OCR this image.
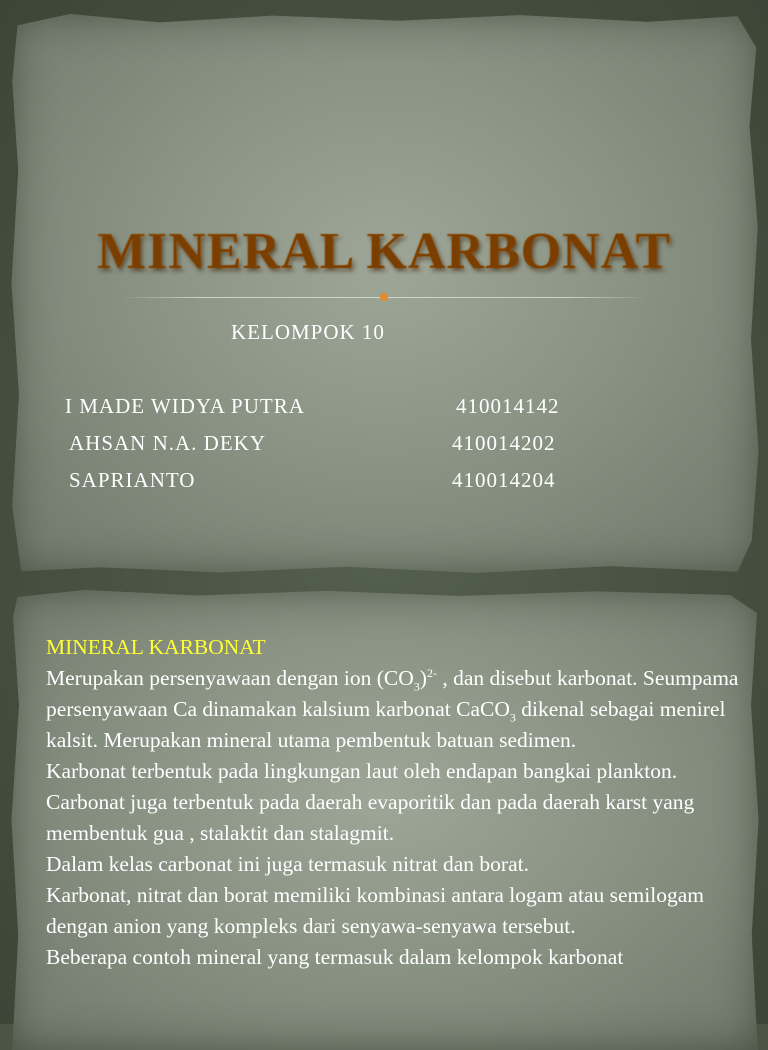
MINERAL KARBONAT
KELOMPOK 10
I MADE WIDYA PUTRA	410014142
AHSAN N.A. DEKY	410014202
SAPRIANTO	410014204
MINERAL KARBONAT

Merupakan persenyawaan dengan ion $(CO_3)^{2-}$ , dan disebut karbonat. Seumpama persenyawaan Ca dinamakan kalsium karbonat CaCO$_3$ dikenal sebagai menirel kalsit. Merupakan mineral utama pembentuk batuan sedimen.

Karbonat terbentuk pada lingkungan laut oleh endapan bangkai plankton. Carbonat juga terbentuk pada daerah evaporitik dan pada daerah karst yang membentuk gua , stalaktit dan stalagmit.

Dalam kelas carbonat ini juga termasuk nitrat dan borat.

Karbonat, nitrat dan borat memiliki kombinasi antara logam atau semilogam dengan anion yang kompleks dari senyawa-senyawa tersebut.

Beberapa contoh mineral yang termasuk dalam kelompok karbonat
